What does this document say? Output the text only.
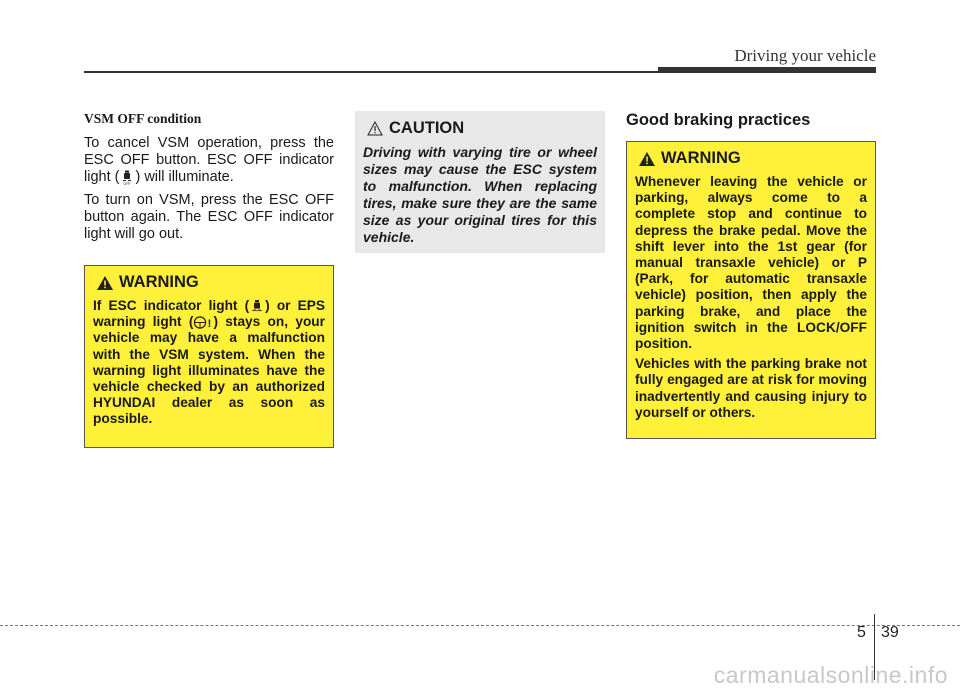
Driving your vehicle
VSM OFF condition

To cancel VSM operation, press the ESC OFF button. ESC OFF indicator light ( OFF ) will illuminate.

To turn on VSM, press the ESC OFF button again. The ESC OFF indicator light will go out.

WARNING

If ESC indicator light ( ) or EPS warning light ( ! ) stays on, your vehicle may have a malfunction with the VSM system. When the warning light illuminates have the vehicle checked by an authorized HYUNDAI dealer as soon as possible.

CAUTION

Driving with varying tire or wheel sizes may cause the ESC system to malfunction. When replacing tires, make sure they are the same size as your original tires for this vehicle.

Good braking practices
WARNING

Whenever leaving the vehicle or parking, always come to a complete stop and continue to depress the brake pedal. Move the shift lever into the 1st gear (for manual transaxle vehicle) or P (Park, for automatic transaxle vehicle) position, then apply the parking brake, and place the ignition switch in the LOCK/OFF position.

Vehicles with the parking brake not fully engaged are at risk for moving inadvertently and causing injury to yourself or others.

5 39
carmanualsonline.info
